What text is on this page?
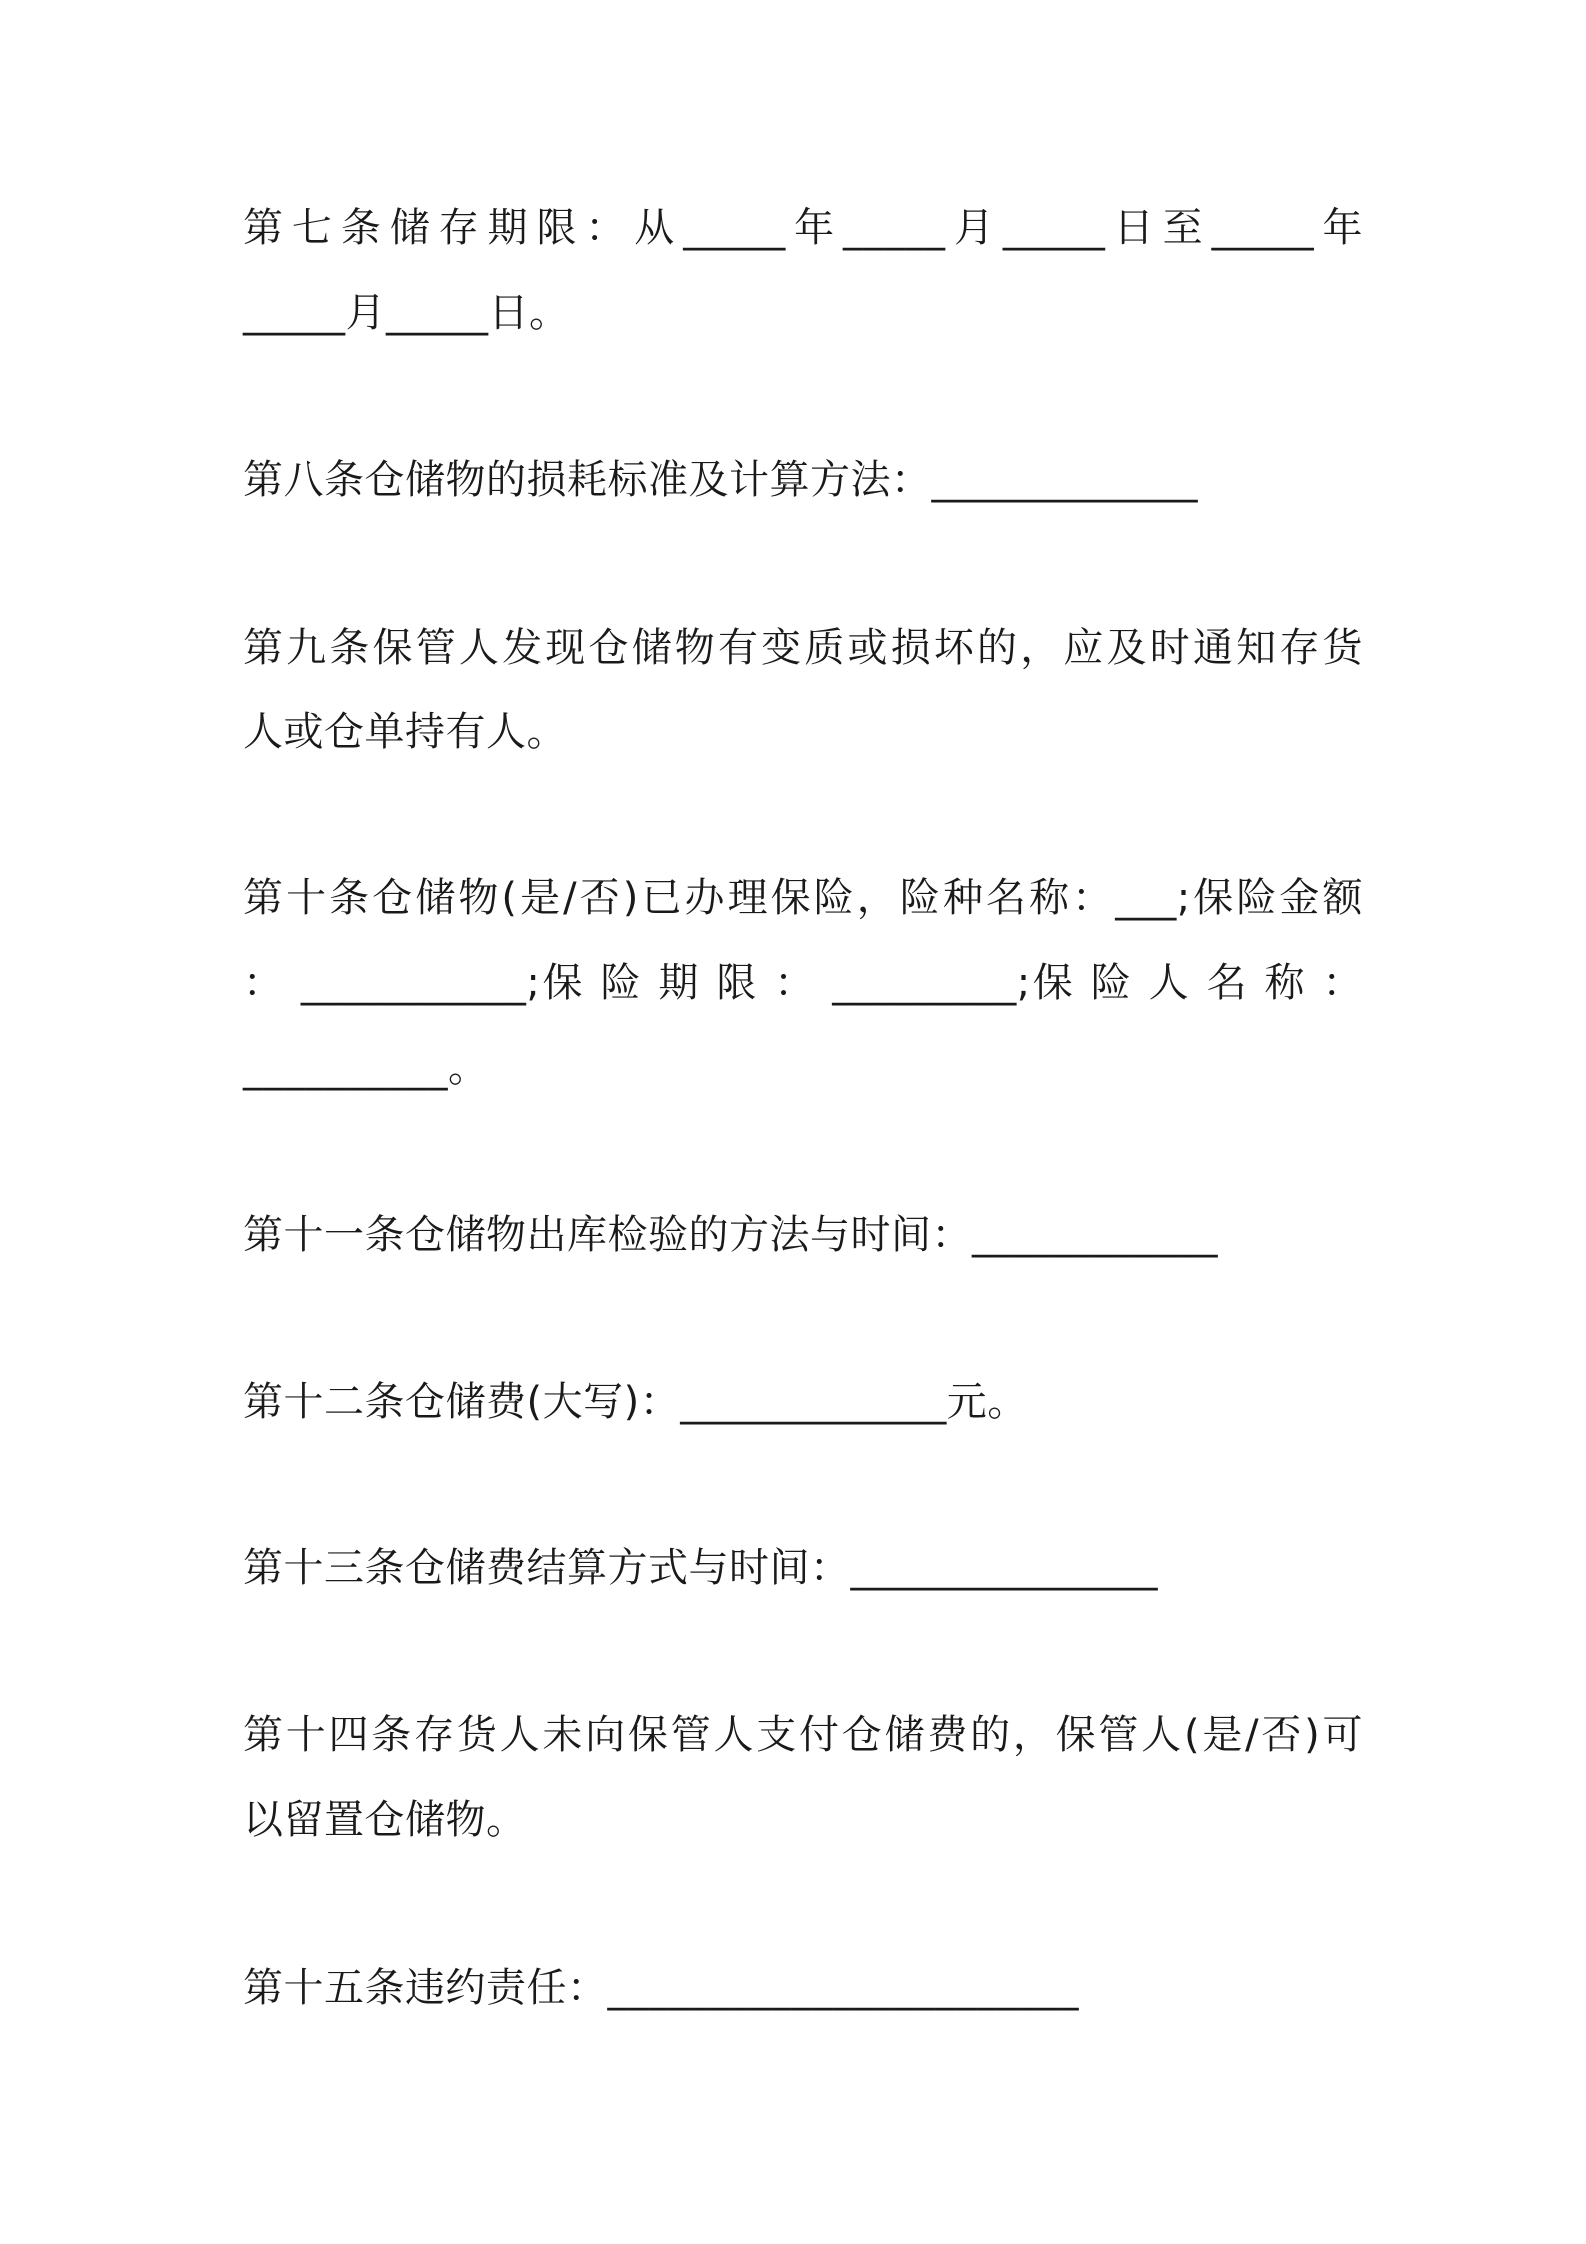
第七条储存期限：从_____年_____月_____日至_____年
_____月_____日。
第八条仓储物的损耗标准及计算方法：_____________
第九条保管人发现仓储物有变质或损坏的，应及时通知存货
人或仓单持有人。
第十条仓储物(是/否)已办理保险，险种名称：___;保险金额
： ___________;保 险 期 限 ： _________;保 险 人 名 称 ：
__________。
第十一条仓储物出库检验的方法与时间：____________
第十二条仓储费(大写)：_____________元。
第十三条仓储费结算方式与时间：_______________
第十四条存货人未向保管人支付仓储费的，保管人(是/否)可
以留置仓储物。
第十五条违约责任：_______________________
